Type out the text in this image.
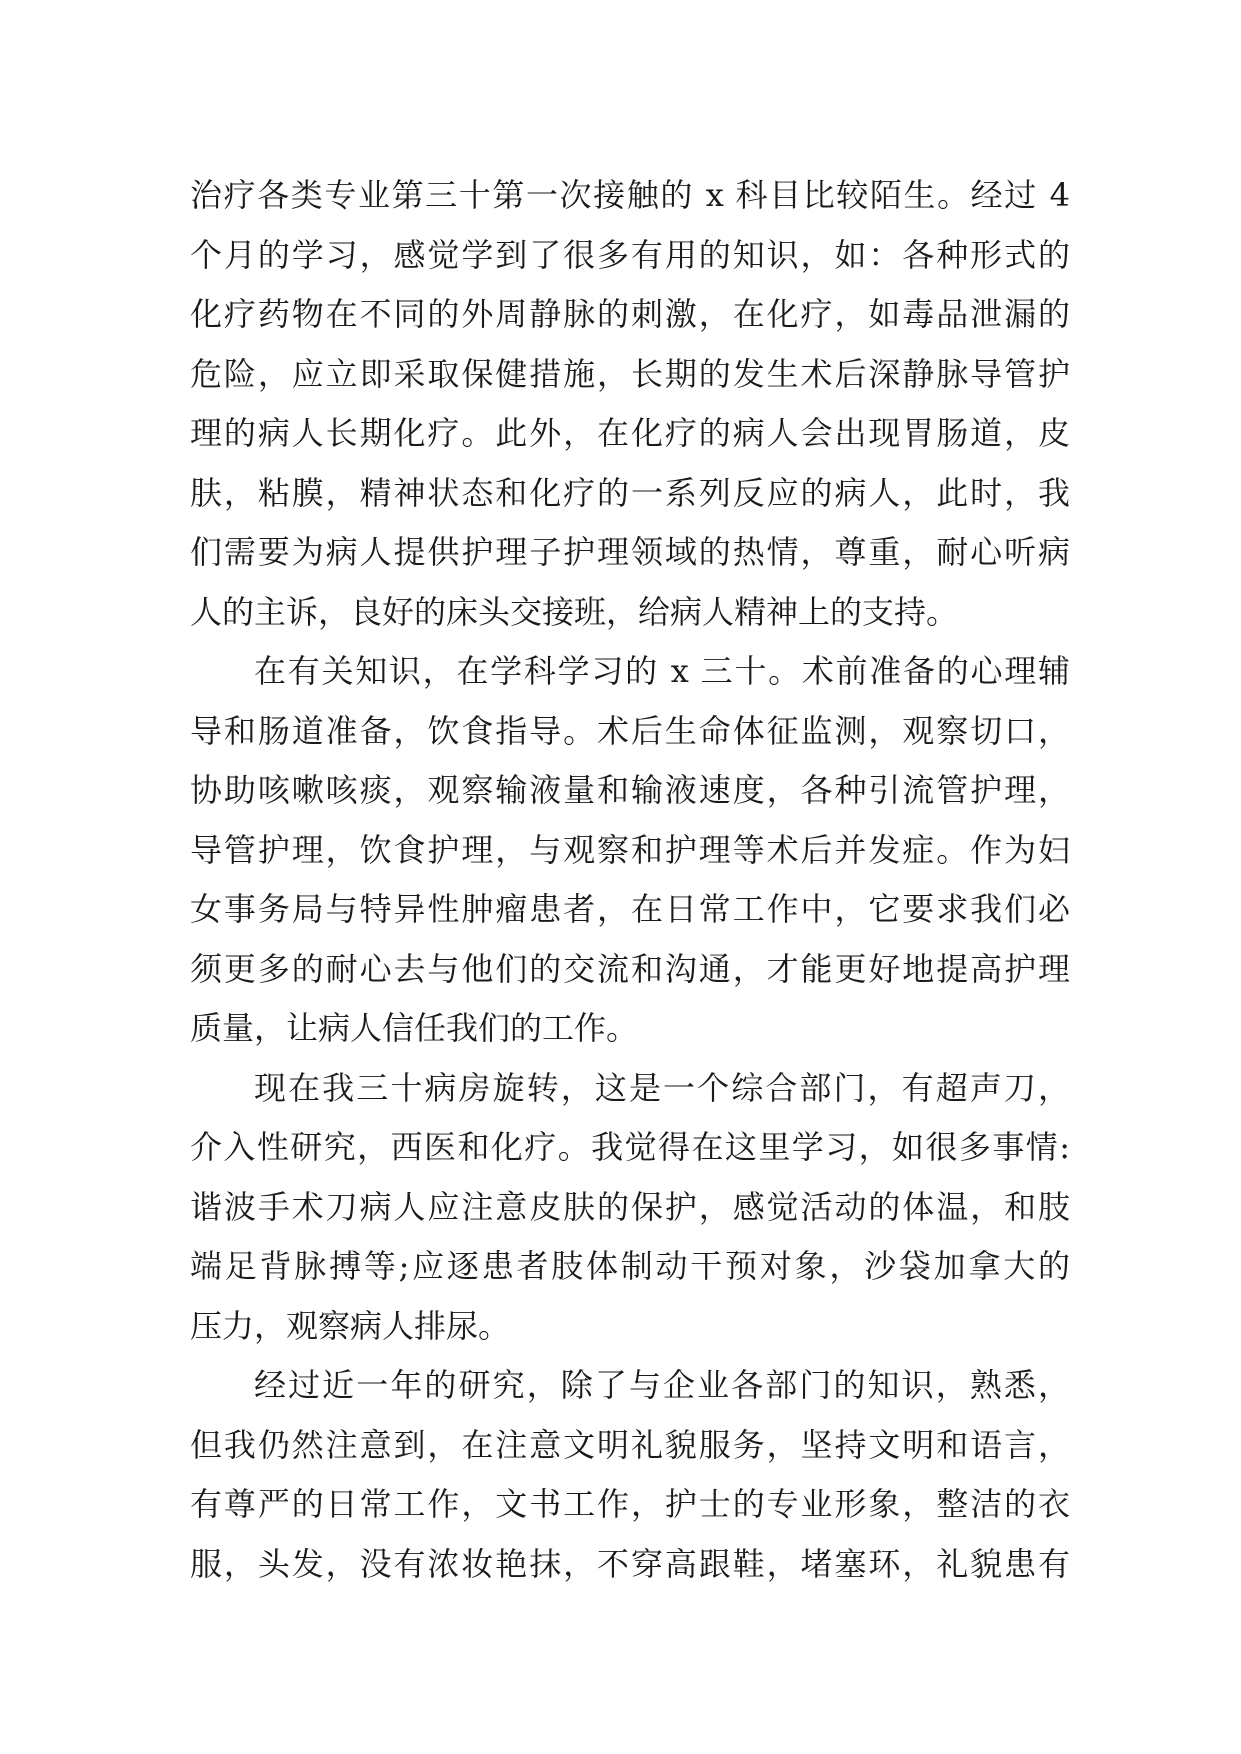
治疗各类专业第三十第一次接触的 x 科目比较陌生。经过 4
个月的学习，感觉学到了很多有用的知识，如：各种形式的
化疗药物在不同的外周静脉的刺激，在化疗，如毒品泄漏的
危险，应立即采取保健措施，长期的发生术后深静脉导管护
理的病人长期化疗。此外，在化疗的病人会出现胃肠道，皮
肤，粘膜，精神状态和化疗的一系列反应的病人，此时，我
们需要为病人提供护理子护理领域的热情，尊重，耐心听病
人的主诉，良好的床头交接班，给病人精神上的支持。
在有关知识，在学科学习的 x 三十。术前准备的心理辅
导和肠道准备，饮食指导。术后生命体征监测，观察切口，
协助咳嗽咳痰，观察输液量和输液速度，各种引流管护理，
导管护理，饮食护理，与观察和护理等术后并发症。作为妇
女事务局与特异性肿瘤患者，在日常工作中，它要求我们必
须更多的耐心去与他们的交流和沟通，才能更好地提高护理
质量，让病人信任我们的工作。
现在我三十病房旋转，这是一个综合部门，有超声刀，
介入性研究，西医和化疗。我觉得在这里学习，如很多事情:
谐波手术刀病人应注意皮肤的保护，感觉活动的体温，和肢
端足背脉搏等;应逐患者肢体制动干预对象，沙袋加拿大的
压力，观察病人排尿。
经过近一年的研究，除了与企业各部门的知识，熟悉，
但我仍然注意到，在注意文明礼貌服务，坚持文明和语言，
有尊严的日常工作，文书工作，护士的专业形象，整洁的衣
服，头发，没有浓妆艳抹，不穿高跟鞋，堵塞环，礼貌患有
